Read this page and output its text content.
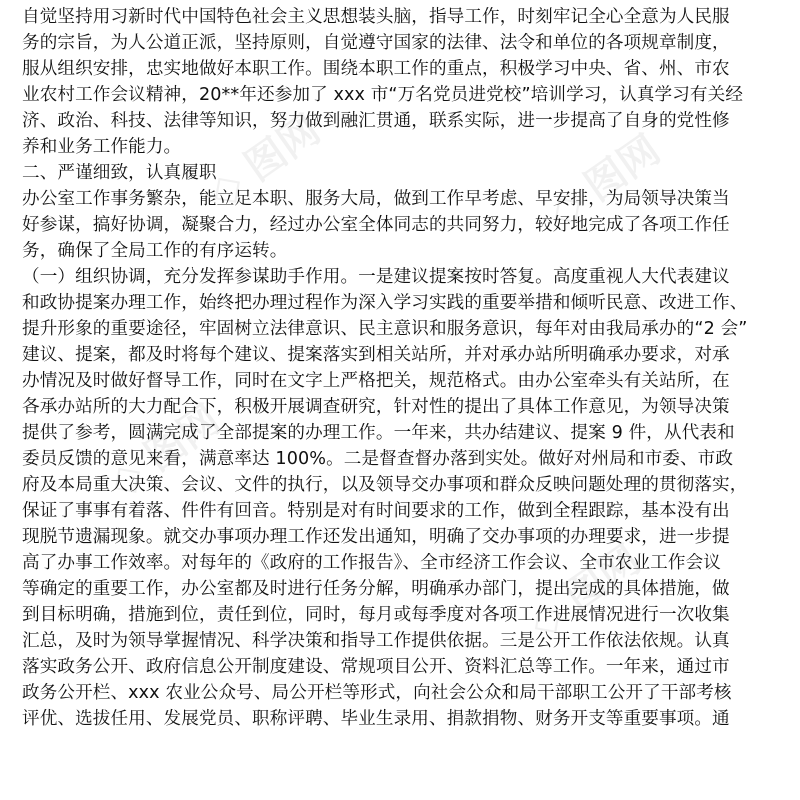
◇ 图网	◇ 图网
◇ 图网
◇ 图网
自觉坚持用习新时代中国特色社会主义思想装头脑，指导工作，时刻牢记全心全意为人民服
务的宗旨，为人公道正派，坚持原则，自觉遵守国家的法律、法令和单位的各项规章制度，
服从组织安排，忠实地做好本职工作。围绕本职工作的重点，积极学习中央、省、州、市农
业农村工作会议精神，20**年还参加了 xxx 市“万名党员进党校”培训学习，认真学习有关经
济、政治、科技、法律等知识，努力做到融汇贯通，联系实际，进一步提高了自身的党性修
养和业务工作能力。
二、严谨细致，认真履职
办公室工作事务繁杂，能立足本职、服务大局，做到工作早考虑、早安排，为局领导决策当
好参谋，搞好协调，凝聚合力，经过办公室全体同志的共同努力，较好地完成了各项工作任
务，确保了全局工作的有序运转。
（一）组织协调，充分发挥参谋助手作用。一是建议提案按时答复。高度重视人大代表建议
和政协提案办理工作，始终把办理过程作为深入学习实践的重要举措和倾听民意、改进工作、
提升形象的重要途径，牢固树立法律意识、民主意识和服务意识，每年对由我局承办的“2 会”
建议、提案，都及时将每个建议、提案落实到相关站所，并对承办站所明确承办要求，对承
办情况及时做好督导工作，同时在文字上严格把关，规范格式。由办公室牵头有关站所，在
各承办站所的大力配合下，积极开展调查研究，针对性的提出了具体工作意见，为领导决策
提供了参考，圆满完成了全部提案的办理工作。一年来，共办结建议、提案 9 件，从代表和
委员反馈的意见来看，满意率达 100%。二是督查督办落到实处。做好对州局和市委、市政
府及本局重大决策、会议、文件的执行，以及领导交办事项和群众反映问题处理的贯彻落实，
保证了事事有着落、件件有回音。特别是对有时间要求的工作，做到全程跟踪，基本没有出
现脱节遗漏现象。就交办事项办理工作还发出通知，明确了交办事项的办理要求，进一步提
高了办事工作效率。对每年的《政府的工作报告》、全市经济工作会议、全市农业工作会议
等确定的重要工作，办公室都及时进行任务分解，明确承办部门，提出完成的具体措施，做
到目标明确，措施到位，责任到位，同时，每月或每季度对各项工作进展情况进行一次收集
汇总，及时为领导掌握情况、科学决策和指导工作提供依据。三是公开工作依法依规。认真
落实政务公开、政府信息公开制度建设、常规项目公开、资料汇总等工作。一年来，通过市
政务公开栏、xxx 农业公众号、局公开栏等形式，向社会公众和局干部职工公开了干部考核
评优、选拔任用、发展党员、职称评聘、毕业生录用、捐款捐物、财务开支等重要事项。通
